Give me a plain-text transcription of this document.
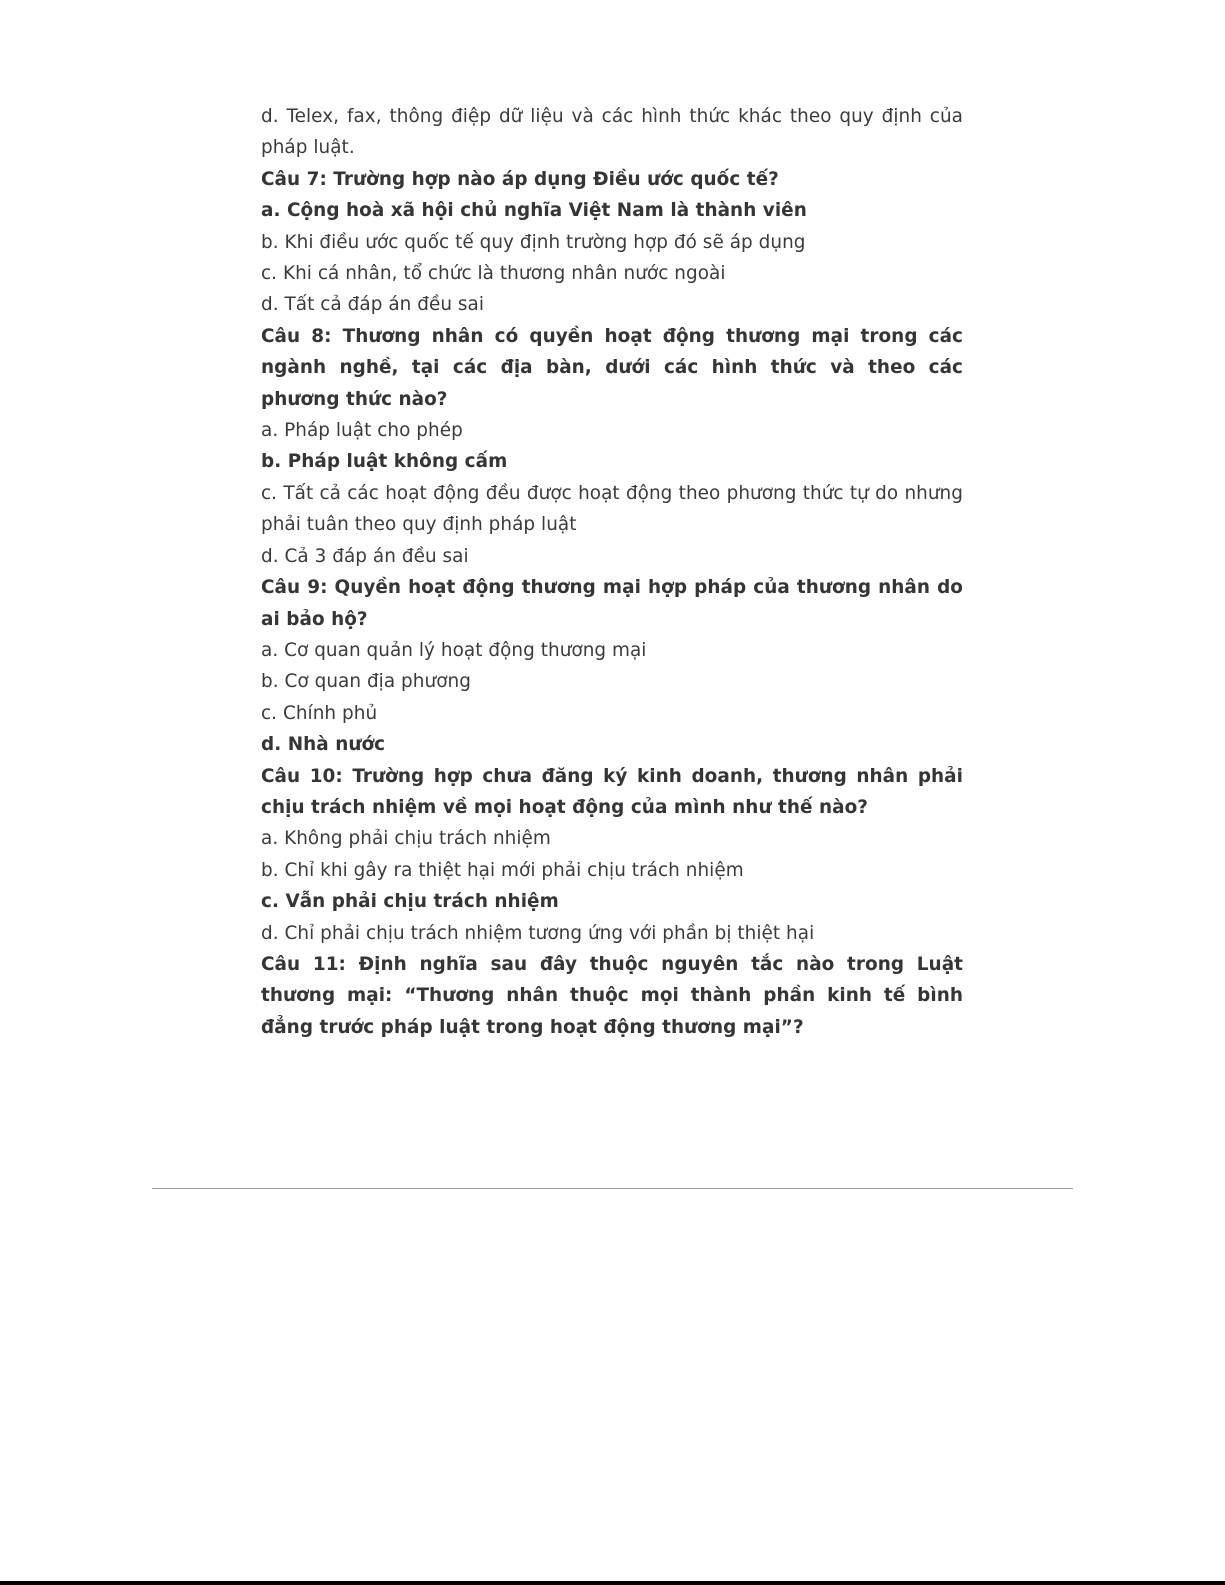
d. Telex, fax, thông điệp dữ liệu và các hình thức khác theo quy định của pháp luật.

Câu 7: Trường hợp nào áp dụng Điều ước quốc tế?

a. Cộng hoà xã hội chủ nghĩa Việt Nam là thành viên

b. Khi điều ước quốc tế quy định trường hợp đó sẽ áp dụng

c. Khi cá nhân, tổ chức là thương nhân nước ngoài

d. Tất cả đáp án đều sai

Câu 8: Thương nhân có quyền hoạt động thương mại trong các ngành nghề, tại các địa bàn, dưới các hình thức và theo các phương thức nào?

a. Pháp luật cho phép

b. Pháp luật không cấm

c. Tất cả các hoạt động đều được hoạt động theo phương thức tự do nhưng phải tuân theo quy định pháp luật

d. Cả 3 đáp án đều sai

Câu 9: Quyền hoạt động thương mại hợp pháp của thương nhân do ai bảo hộ?

a. Cơ quan quản lý hoạt động thương mại

b. Cơ quan địa phương

c. Chính phủ

d. Nhà nước

Câu 10: Trường hợp chưa đăng ký kinh doanh, thương nhân phải chịu trách nhiệm về mọi hoạt động của mình như thế nào?

a. Không phải chịu trách nhiệm

b. Chỉ khi gây ra thiệt hại mới phải chịu trách nhiệm

c. Vẫn phải chịu trách nhiệm

d. Chỉ phải chịu trách nhiệm tương ứng với phần bị thiệt hại

Câu 11: Định nghĩa sau đây thuộc nguyên tắc nào trong Luật thương mại: “Thương nhân thuộc mọi thành phần kinh tế bình đẳng trước pháp luật trong hoạt động thương mại”?
